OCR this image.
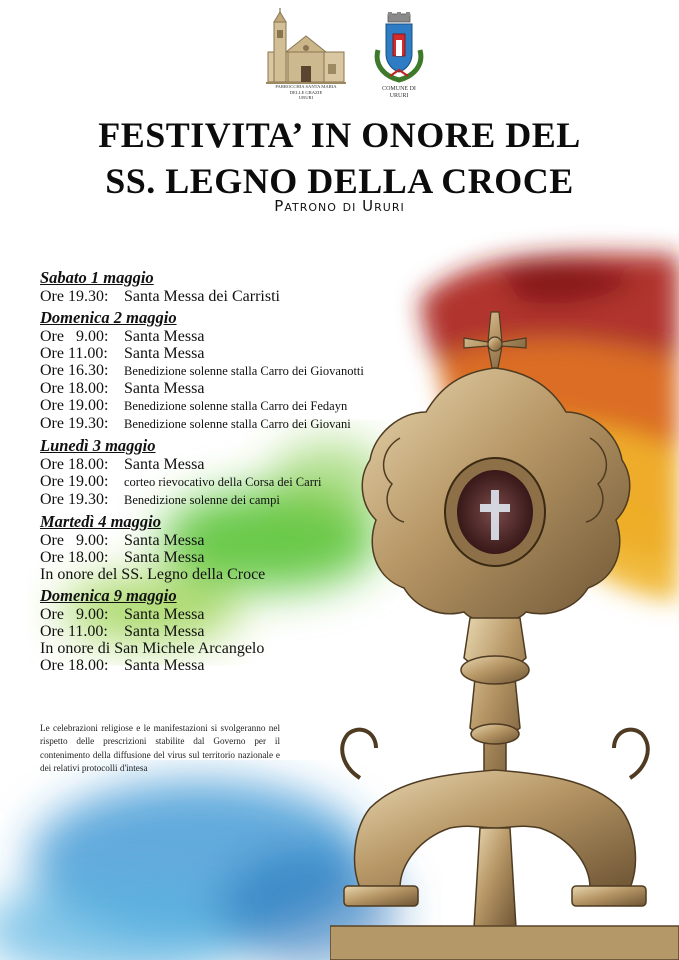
PARROCCHIA SANTA MARIA
DELLE GRAZIE
URURI
COMUNE DI
URURI
FESTIVITA’ IN ONORE DEL
SS. LEGNO DELLA CROCE
Patrono di Ururi
Sabato 1 maggio
Ore 19.30: Santa Messa dei Carristi
Domenica 2 maggio
Ore   9.00: Santa Messa
Ore 11.00: Santa Messa
Ore 16.30: Benedizione solenne stalla Carro dei Giovanotti
Ore 18.00: Santa Messa
Ore 19.00: Benedizione solenne stalla Carro dei Fedayn
Ore 19.30: Benedizione solenne stalla Carro dei Giovani
Lunedì 3 maggio
Ore 18.00: Santa Messa
Ore 19.00: corteo rievocativo della Corsa dei Carri
Ore 19.30: Benedizione solenne dei campi
Martedì 4 maggio
Ore   9.00: Santa Messa
Ore 18.00: Santa Messa
In onore del SS. Legno della Croce
Domenica 9 maggio
Ore   9.00: Santa Messa
Ore 11.00: Santa Messa
In onore di San Michele Arcangelo
Ore 18.00: Santa Messa
Le celebrazioni religiose e le manifestazioni si svolgeranno nel rispetto delle prescrizioni stabilite dal Governo per il contenimento della diffusione del virus sul territorio nazionale e dei relativi protocolli d'intesa
